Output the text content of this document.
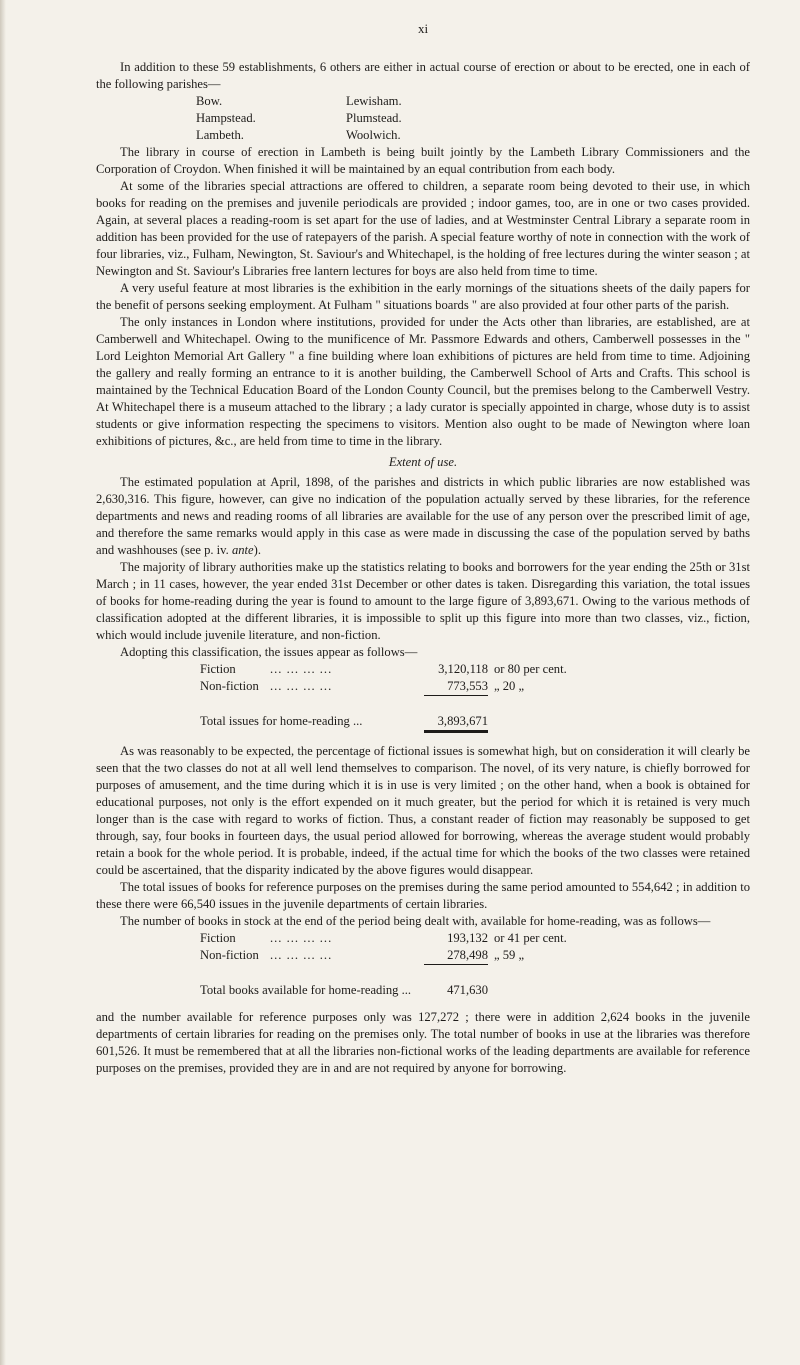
xi

In addition to these 59 establishments, 6 others are either in actual course of erection or about to be erected, one in each of the following parishes—

Bow.	Lewisham.
Hampstead.	Plumstead.
Lambeth.	Woolwich.

The library in course of erection in Lambeth is being built jointly by the Lambeth Library Commissioners and the Corporation of Croydon. When finished it will be maintained by an equal contribution from each body.

At some of the libraries special attractions are offered to children, a separate room being devoted to their use, in which books for reading on the premises and juvenile periodicals are provided ; indoor games, too, are in one or two cases provided. Again, at several places a reading-room is set apart for the use of ladies, and at Westminster Central Library a separate room in addition has been provided for the use of ratepayers of the parish. A special feature worthy of note in connection with the work of four libraries, viz., Fulham, Newington, St. Saviour's and Whitechapel, is the holding of free lectures during the winter season ; at Newington and St. Saviour's Libraries free lantern lectures for boys are also held from time to time.

A very useful feature at most libraries is the exhibition in the early mornings of the situations sheets of the daily papers for the benefit of persons seeking employment. At Fulham " situations boards " are also provided at four other parts of the parish.

The only instances in London where institutions, provided for under the Acts other than libraries, are established, are at Camberwell and Whitechapel. Owing to the munificence of Mr. Passmore Edwards and others, Camberwell possesses in the " Lord Leighton Memorial Art Gallery " a fine building where loan exhibitions of pictures are held from time to time. Adjoining the gallery and really forming an entrance to it is another building, the Camberwell School of Arts and Crafts. This school is maintained by the Technical Education Board of the London County Council, but the premises belong to the Camberwell Vestry. At Whitechapel there is a museum attached to the library ; a lady curator is specially appointed in charge, whose duty is to assist students or give information respecting the specimens to visitors. Mention also ought to be made of Newington where loan exhibitions of pictures, &c., are held from time to time in the library.

Extent of use.

The estimated population at April, 1898, of the parishes and districts in which public libraries are now established was 2,630,316. This figure, however, can give no indication of the population actually served by these libraries, for the reference departments and news and reading rooms of all libraries are available for the use of any person over the prescribed limit of age, and therefore the same remarks would apply in this case as were made in discussing the case of the population served by baths and washhouses (see p. iv. ante).

The majority of library authorities make up the statistics relating to books and borrowers for the year ending the 25th or 31st March ; in 11 cases, however, the year ended 31st December or other dates is taken. Disregarding this variation, the total issues of books for home-reading during the year is found to amount to the large figure of 3,893,671. Owing to the various methods of classification adopted at the different libraries, it is impossible to split up this figure into more than two classes, viz., fiction, which would include juvenile literature, and non-fiction.

Adopting this classification, the issues appear as follows—

Fiction	... ... ... ...	3,120,118	or 80 per cent.
Non-fiction	... ... ... ...	773,553	„ 20 „

Total issues for home-reading ...		3,893,671	

As was reasonably to be expected, the percentage of fictional issues is somewhat high, but on consideration it will clearly be seen that the two classes do not at all well lend themselves to comparison. The novel, of its very nature, is chiefly borrowed for purposes of amusement, and the time during which it is in use is very limited ; on the other hand, when a book is obtained for educational purposes, not only is the effort expended on it much greater, but the period for which it is retained is very much longer than is the case with regard to works of fiction. Thus, a constant reader of fiction may reasonably be supposed to get through, say, four books in fourteen days, the usual period allowed for borrowing, whereas the average student would probably retain a book for the whole period. It is probable, indeed, if the actual time for which the books of the two classes were retained could be ascertained, that the disparity indicated by the above figures would disappear.

The total issues of books for reference purposes on the premises during the same period amounted to 554,642 ; in addition to these there were 66,540 issues in the juvenile departments of certain libraries.

The number of books in stock at the end of the period being dealt with, available for home-reading, was as follows—

Fiction	... ... ... ...	193,132	or 41 per cent.
Non-fiction	... ... ... ...	278,498	„ 59 „

Total books available for home-reading ...		471,630	

and the number available for reference purposes only was 127,272 ; there were in addition 2,624 books in the juvenile departments of certain libraries for reading on the premises only. The total number of books in use at the libraries was therefore 601,526. It must be remembered that at all the libraries non-fictional works of the leading departments are available for reference purposes on the premises, provided they are in and are not required by anyone for borrowing.
